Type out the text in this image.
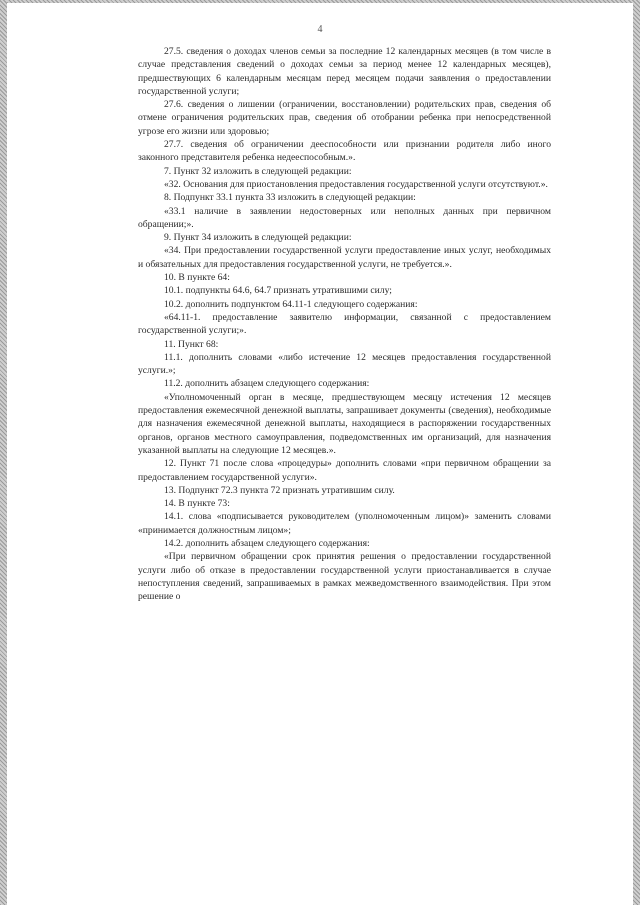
4

27.5. сведения о доходах членов семьи за последние 12 календарных месяцев (в том числе в случае представления сведений о доходах семьи за период менее 12 календарных месяцев), предшествующих 6 календарным месяцам перед месяцем подачи заявления о предоставлении государственной услуги;

27.6. сведения о лишении (ограничении, восстановлении) родительских прав, сведения об отмене ограничения родительских прав, сведения об отобрании ребенка при непосредственной угрозе его жизни или здоровью;

27.7. сведения об ограничении дееспособности или признании родителя либо иного законного представителя ребенка недееспособным.».

7. Пункт 32 изложить в следующей редакции:

«32. Основания для приостановления предоставления государственной услуги отсутствуют.».

8. Подпункт 33.1 пункта 33 изложить в следующей редакции:

«33.1 наличие в заявлении недостоверных или неполных данных при первичном обращении;».

9. Пункт 34 изложить в следующей редакции:

«34. При предоставлении государственной услуги предоставление иных услуг, необходимых и обязательных для предоставления государственной услуги, не требуется.».

10. В пункте 64:

10.1. подпункты 64.6, 64.7 признать утратившими силу;

10.2. дополнить подпунктом 64.11-1 следующего содержания:

«64.11-1. предоставление заявителю информации, связанной с предоставлением государственной услуги;».

11. Пункт 68:

11.1. дополнить словами «либо истечение 12 месяцев предоставления государственной услуги.»;

11.2. дополнить абзацем следующего содержания:

«Уполномоченный орган в месяце, предшествующем месяцу истечения 12 месяцев предоставления ежемесячной денежной выплаты, запрашивает документы (сведения), необходимые для назначения ежемесячной денежной выплаты, находящиеся в распоряжении государственных органов, органов местного самоуправления, подведомственных им организаций, для назначения указанной выплаты на следующие 12 месяцев.».

12. Пункт 71 после слова «процедуры» дополнить словами «при первичном обращении за предоставлением государственной услуги».

13. Подпункт 72.3 пункта 72 признать утратившим силу.

14. В пункте 73:

14.1. слова «подписывается руководителем (уполномоченным лицом)» заменить словами «принимается должностным лицом»;

14.2. дополнить абзацем следующего содержания:

«При первичном обращении срок принятия решения о предоставлении государственной услуги либо об отказе в предоставлении государственной услуги приостанавливается в случае непоступления сведений, запрашиваемых в рамках межведомственного взаимодействия. При этом решение о
